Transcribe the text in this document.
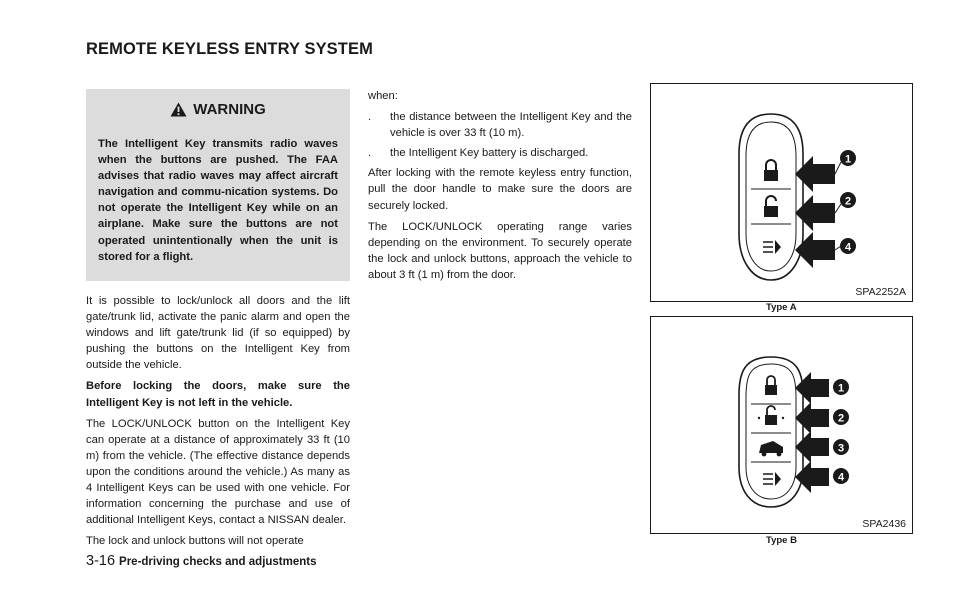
REMOTE KEYLESS ENTRY SYSTEM
WARNING
The Intelligent Key transmits radio waves when the buttons are pushed. The FAA advises that radio waves may affect aircraft navigation and commu-nication systems. Do not operate the Intelligent Key while on an airplane. Make sure the buttons are not operated unintentionally when the unit is stored for a flight.

It is possible to lock/unlock all doors and the lift gate/trunk lid, activate the panic alarm and open the windows and lift gate/trunk lid (if so equipped) by pushing the buttons on the Intelligent Key from outside the vehicle.

Before locking the doors, make sure the Intelligent Key is not left in the vehicle.

The LOCK/UNLOCK button on the Intelligent Key can operate at a distance of approximately 33 ft (10 m) from the vehicle. (The effective distance depends upon the conditions around the vehicle.) As many as 4 Intelligent Keys can be used with one vehicle. For information concerning the purchase and use of additional Intelligent Keys, contact a NISSAN dealer.

The lock and unlock buttons will not operate

when:

.	the distance between the Intelligent Key and the vehicle is over 33 ft (10 m).
.	the Intelligent Key battery is discharged.

After locking with the remote keyless entry function, pull the door handle to make sure the doors are securely locked.

The LOCK/UNLOCK operating range varies depending on the environment. To securely operate the lock and unlock buttons, approach the vehicle to about 3 ft (1 m) from the door.

1
2
4
SPA2252A
Type A
1
2
3
4
SPA2436
Type B
3-16 Pre-driving checks and adjustments
